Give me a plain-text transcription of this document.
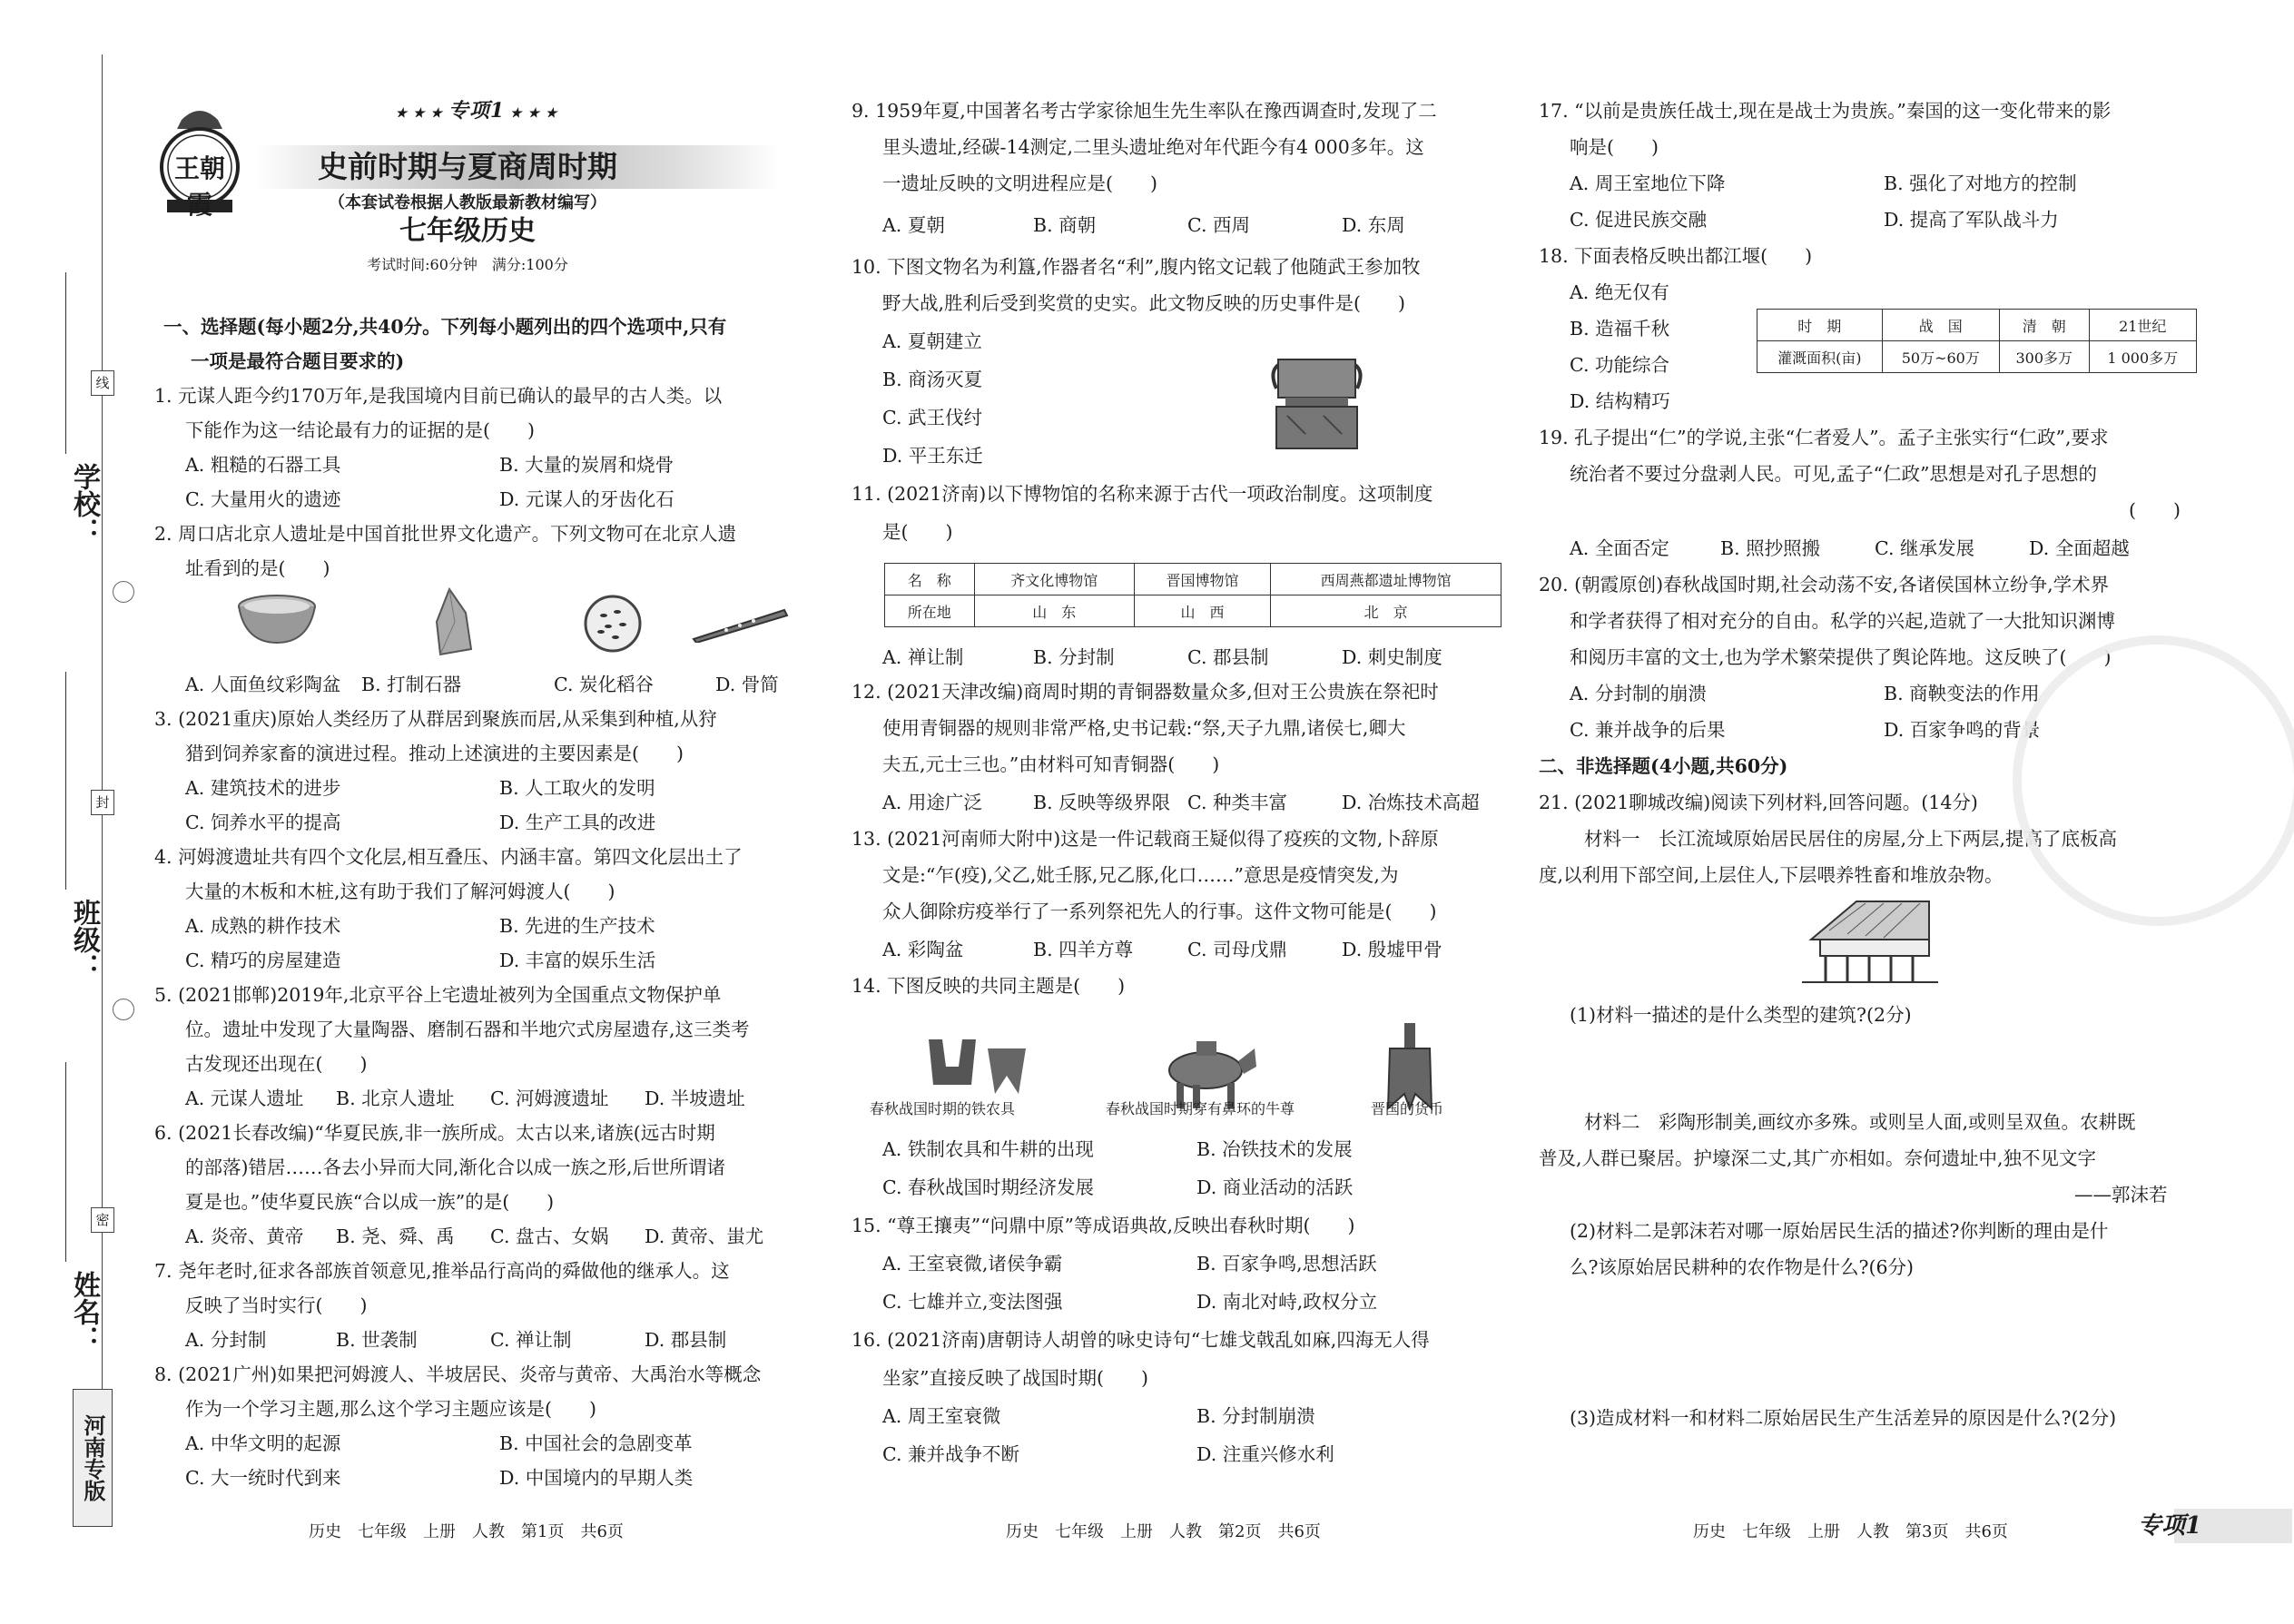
学校：
班级：
姓名：
线
封
密
河南专版
王朝霞
★ ★ ★ 专项1 ★ ★ ★
史前时期与夏商周时期
（本套试卷根据人教版最新教材编写）
七年级历史
考试时间:60分钟　满分:100分
一、选择题(每小题2分,共40分。下列每小题列出的四个选项中,只有
一项是最符合题目要求的)
1. 元谋人距今约170万年,是我国境内目前已确认的最早的古人类。以
下能作为这一结论最有力的证据的是(　　)
A. 粗糙的石器工具	B. 大量的炭屑和烧骨
C. 大量用火的遗迹	D. 元谋人的牙齿化石
2. 周口店北京人遗址是中国首批世界文化遗产。下列文物可在北京人遗
址看到的是(　　)
A. 人面鱼纹彩陶盆 B. 打制石器	C. 炭化稻谷	D. 骨简
3. (2021重庆)原始人类经历了从群居到聚族而居,从采集到种植,从狩
猎到饲养家畜的演进过程。推动上述演进的主要因素是(　　)
A. 建筑技术的进步	B. 人工取火的发明
C. 饲养水平的提高	D. 生产工具的改进
4. 河姆渡遗址共有四个文化层,相互叠压、内涵丰富。第四文化层出土了
大量的木板和木桩,这有助于我们了解河姆渡人(　　)
A. 成熟的耕作技术	B. 先进的生产技术
C. 精巧的房屋建造	D. 丰富的娱乐生活
5. (2021邯郸)2019年,北京平谷上宅遗址被列为全国重点文物保护单
位。遗址中发现了大量陶器、磨制石器和半地穴式房屋遗存,这三类考
古发现还出现在(　　)
A. 元谋人遗址 B. 北京人遗址 C. 河姆渡遗址 D. 半坡遗址
6. (2021长春改编)“华夏民族,非一族所成。太古以来,诸族(远古时期
的部落)错居……各去小异而大同,渐化合以成一族之形,后世所谓诸
夏是也。”使华夏民族“合以成一族”的是(　　)
A. 炎帝、黄帝 B. 尧、舜、禹 C. 盘古、女娲 D. 黄帝、蚩尤
7. 尧年老时,征求各部族首领意见,推举品行高尚的舜做他的继承人。这
反映了当时实行(　　)
A. 分封制	B. 世袭制	C. 禅让制	D. 郡县制
8. (2021广州)如果把河姆渡人、半坡居民、炎帝与黄帝、大禹治水等概念
作为一个学习主题,那么这个学习主题应该是(　　)
A. 中华文明的起源	B. 中国社会的急剧变革
C. 大一统时代到来	D. 中国境内的早期人类
历史　七年级　上册　人教　第1页　共6页
9. 1959年夏,中国著名考古学家徐旭生先生率队在豫西调查时,发现了二
里头遗址,经碳-14测定,二里头遗址绝对年代距今有4 000多年。这
一遗址反映的文明进程应是(　　)
A. 夏朝	B. 商朝	C. 西周	D. 东周
10. 下图文物名为利簋,作器者名“利”,腹内铭文记载了他随武王参加牧
野大战,胜利后受到奖赏的史实。此文物反映的历史事件是(　　)
A. 夏朝建立
B. 商汤灭夏
C. 武王伐纣
D. 平王东迁
11. (2021济南)以下博物馆的名称来源于古代一项政治制度。这项制度
是(　　)
A. 禅让制	B. 分封制	C. 郡县制	D. 刺史制度
12. (2021天津改编)商周时期的青铜器数量众多,但对王公贵族在祭祀时
使用青铜器的规则非常严格,史书记载:“祭,天子九鼎,诸侯七,卿大
夫五,元士三也。”由材料可知青铜器(　　)
A. 用途广泛	B. 反映等级界限 C. 种类丰富	D. 冶炼技术高超
13. (2021河南师大附中)这是一件记载商王疑似得了疫疾的文物,卜辞原
文是:“乍(疫),父乙,妣壬豚,兄乙豚,化口……”意思是疫情突发,为
众人御除疠疫举行了一系列祭祀先人的行事。这件文物可能是(　　)
A. 彩陶盆	B. 四羊方尊	C. 司母戊鼎	D. 殷墟甲骨
14. 下图反映的共同主题是(　　)
A. 铁制农具和牛耕的出现	B. 冶铁技术的发展
C. 春秋战国时期经济发展	D. 商业活动的活跃
15. “尊王攘夷”“问鼎中原”等成语典故,反映出春秋时期(　　)
A. 王室衰微,诸侯争霸	B. 百家争鸣,思想活跃
C. 七雄并立,变法图强	D. 南北对峙,政权分立
16. (2021济南)唐朝诗人胡曾的咏史诗句“七雄戈戟乱如麻,四海无人得
坐家”直接反映了战国时期(　　)
A. 周王室衰微	B. 分封制崩溃
C. 兼并战争不断	D. 注重兴修水利
名　称	齐文化博物馆	晋国博物馆	西周燕都遗址博物馆
所在地	山　东	山　西	北　京
春秋战国时期的铁农具	春秋战国时期穿有鼻环的牛尊	晋国的货币
历史　七年级　上册　人教　第2页　共6页
17. “以前是贵族任战士,现在是战士为贵族。”秦国的这一变化带来的影
响是(　　)
A. 周王室地位下降	B. 强化了对地方的控制
C. 促进民族交融	D. 提高了军队战斗力
18. 下面表格反映出都江堰(　　)
A. 绝无仅有
B. 造福千秋
C. 功能综合
D. 结构精巧
19. 孔子提出“仁”的学说,主张“仁者爱人”。孟子主张实行“仁政”,要求
统治者不要过分盘剥人民。可见,孟子“仁政”思想是对孔子思想的
(　　)
A. 全面否定	B. 照抄照搬	C. 继承发展	D. 全面超越
20. (朝霞原创)春秋战国时期,社会动荡不安,各诸侯国林立纷争,学术界
和学者获得了相对充分的自由。私学的兴起,造就了一大批知识渊博
和阅历丰富的文士,也为学术繁荣提供了舆论阵地。这反映了(　　)
A. 分封制的崩溃	B. 商鞅变法的作用
C. 兼并战争的后果	D. 百家争鸣的背景
二、非选择题(4小题,共60分)
21. (2021聊城改编)阅读下列材料,回答问题。(14分)
材料一　长江流域原始居民居住的房屋,分上下两层,提高了底板高
度,以利用下部空间,上层住人,下层喂养牲畜和堆放杂物。
(1)材料一描述的是什么类型的建筑?(2分)
材料二　彩陶形制美,画纹亦多殊。或则呈人面,或则呈双鱼。农耕既
普及,人群已聚居。护壕深二丈,其广亦相如。奈何遗址中,独不见文字
——郭沫若
(2)材料二是郭沫若对哪一原始居民生活的描述?你判断的理由是什
么?该原始居民耕种的农作物是什么?(6分)
(3)造成材料一和材料二原始居民生产生活差异的原因是什么?(2分)
时　期	战　国	清　朝	21世纪
灌溉面积(亩)	50万~60万	300多万	1 000多万
历史　七年级　上册　人教　第3页　共6页	专项1
